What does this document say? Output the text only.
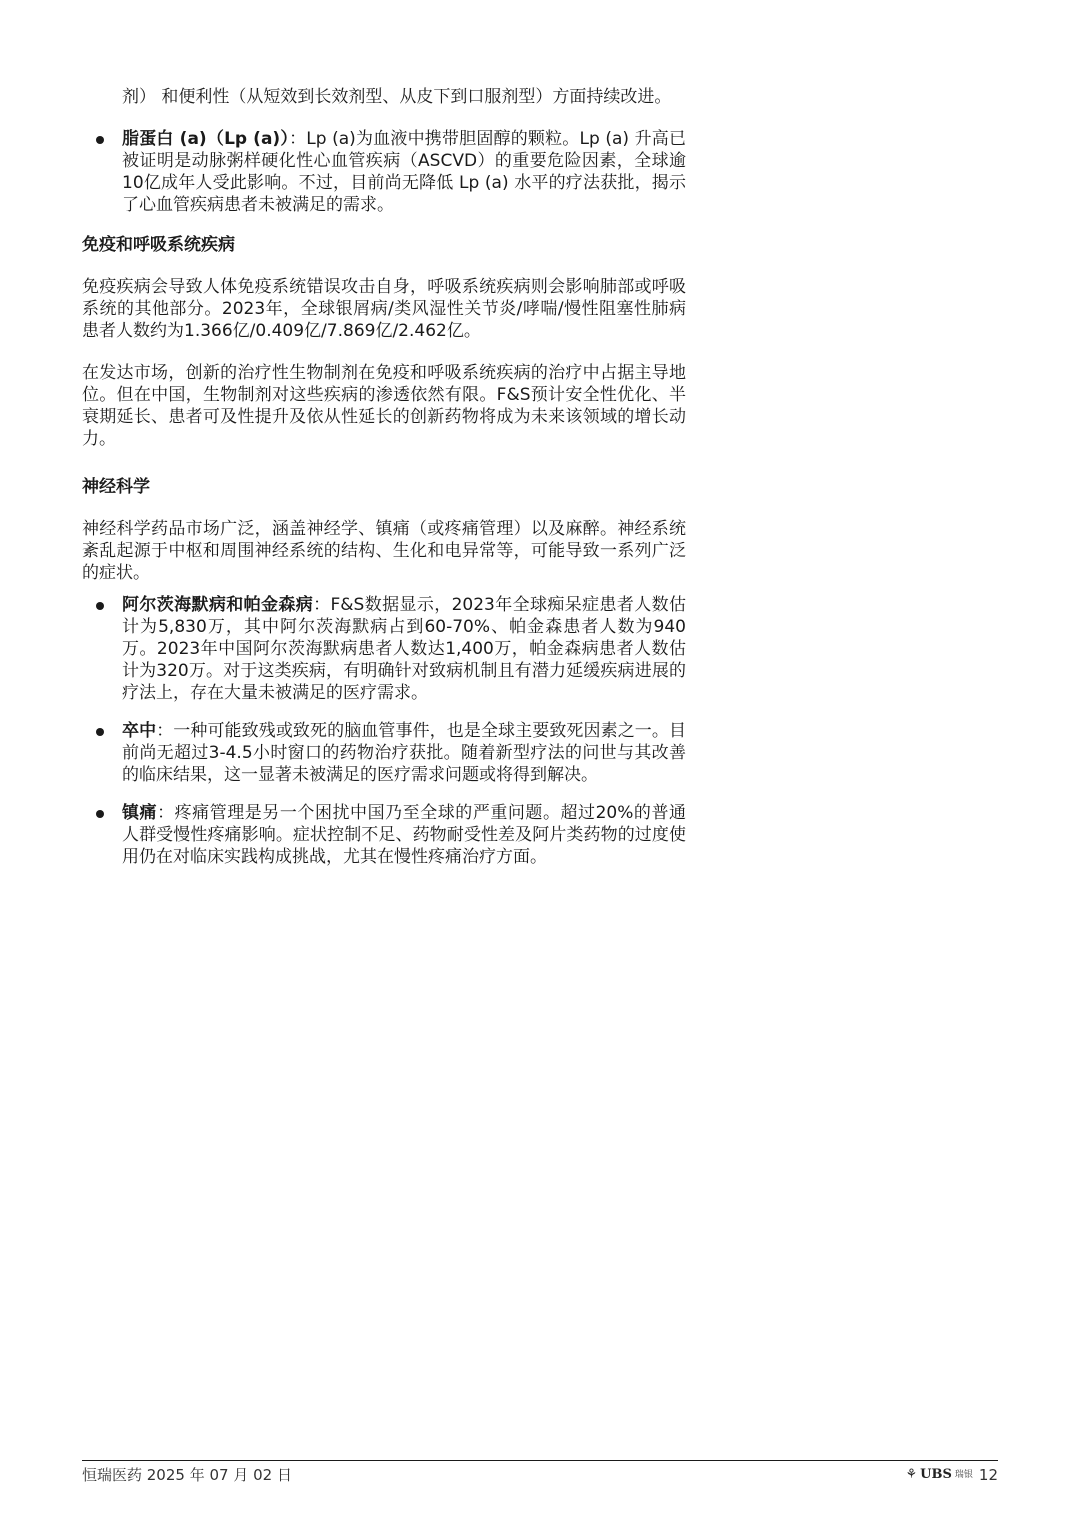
剂） 和便利性（从短效到长效剂型、从皮下到口服剂型）方面持续改进。

脂蛋白 (a)（Lp (a)）：Lp (a)为血液中携带胆固醇的颗粒。Lp (a) 升高已被证明是动脉粥样硬化性心血管疾病（ASCVD）的重要危险因素，全球逾10亿成年人受此影响。不过，目前尚无降低 Lp (a) 水平的疗法获批，揭示了心血管疾病患者未被满足的需求。

免疫和呼吸系统疾病

免疫疾病会导致人体免疫系统错误攻击自身，呼吸系统疾病则会影响肺部或呼吸系统的其他部分。2023年，全球银屑病/类风湿性关节炎/哮喘/慢性阻塞性肺病患者人数约为1.366亿/0.409亿/7.869亿/2.462亿。

在发达市场，创新的治疗性生物制剂在免疫和呼吸系统疾病的治疗中占据主导地位。但在中国，生物制剂对这些疾病的渗透依然有限。F&S预计安全性优化、半衰期延长、患者可及性提升及依从性延长的创新药物将成为未来该领域的增长动力。

神经科学

神经科学药品市场广泛，涵盖神经学、镇痛（或疼痛管理）以及麻醉。神经系统紊乱起源于中枢和周围神经系统的结构、生化和电异常等，可能导致一系列广泛的症状。

阿尔茨海默病和帕金森病：F&S数据显示，2023年全球痴呆症患者人数估计为5,830万，其中阿尔茨海默病占到60-70%、帕金森患者人数为940万。2023年中国阿尔茨海默病患者人数达1,400万，帕金森病患者人数估计为320万。对于这类疾病，有明确针对致病机制且有潜力延缓疾病进展的疗法上，存在大量未被满足的医疗需求。
卒中：一种可能致残或致死的脑血管事件，也是全球主要致死因素之一。目前尚无超过3-4.5小时窗口的药物治疗获批。随着新型疗法的问世与其改善的临床结果，这一显著未被满足的医疗需求问题或将得到解决。
镇痛：疼痛管理是另一个困扰中国乃至全球的严重问题。超过20%的普通人群受慢性疼痛影响。症状控制不足、药物耐受性差及阿片类药物的过度使用仍在对临床实践构成挑战，尤其在慢性疼痛治疗方面。
恒瑞医药 2025 年 07 月 02 日	⚘ UBS 瑞银 12
